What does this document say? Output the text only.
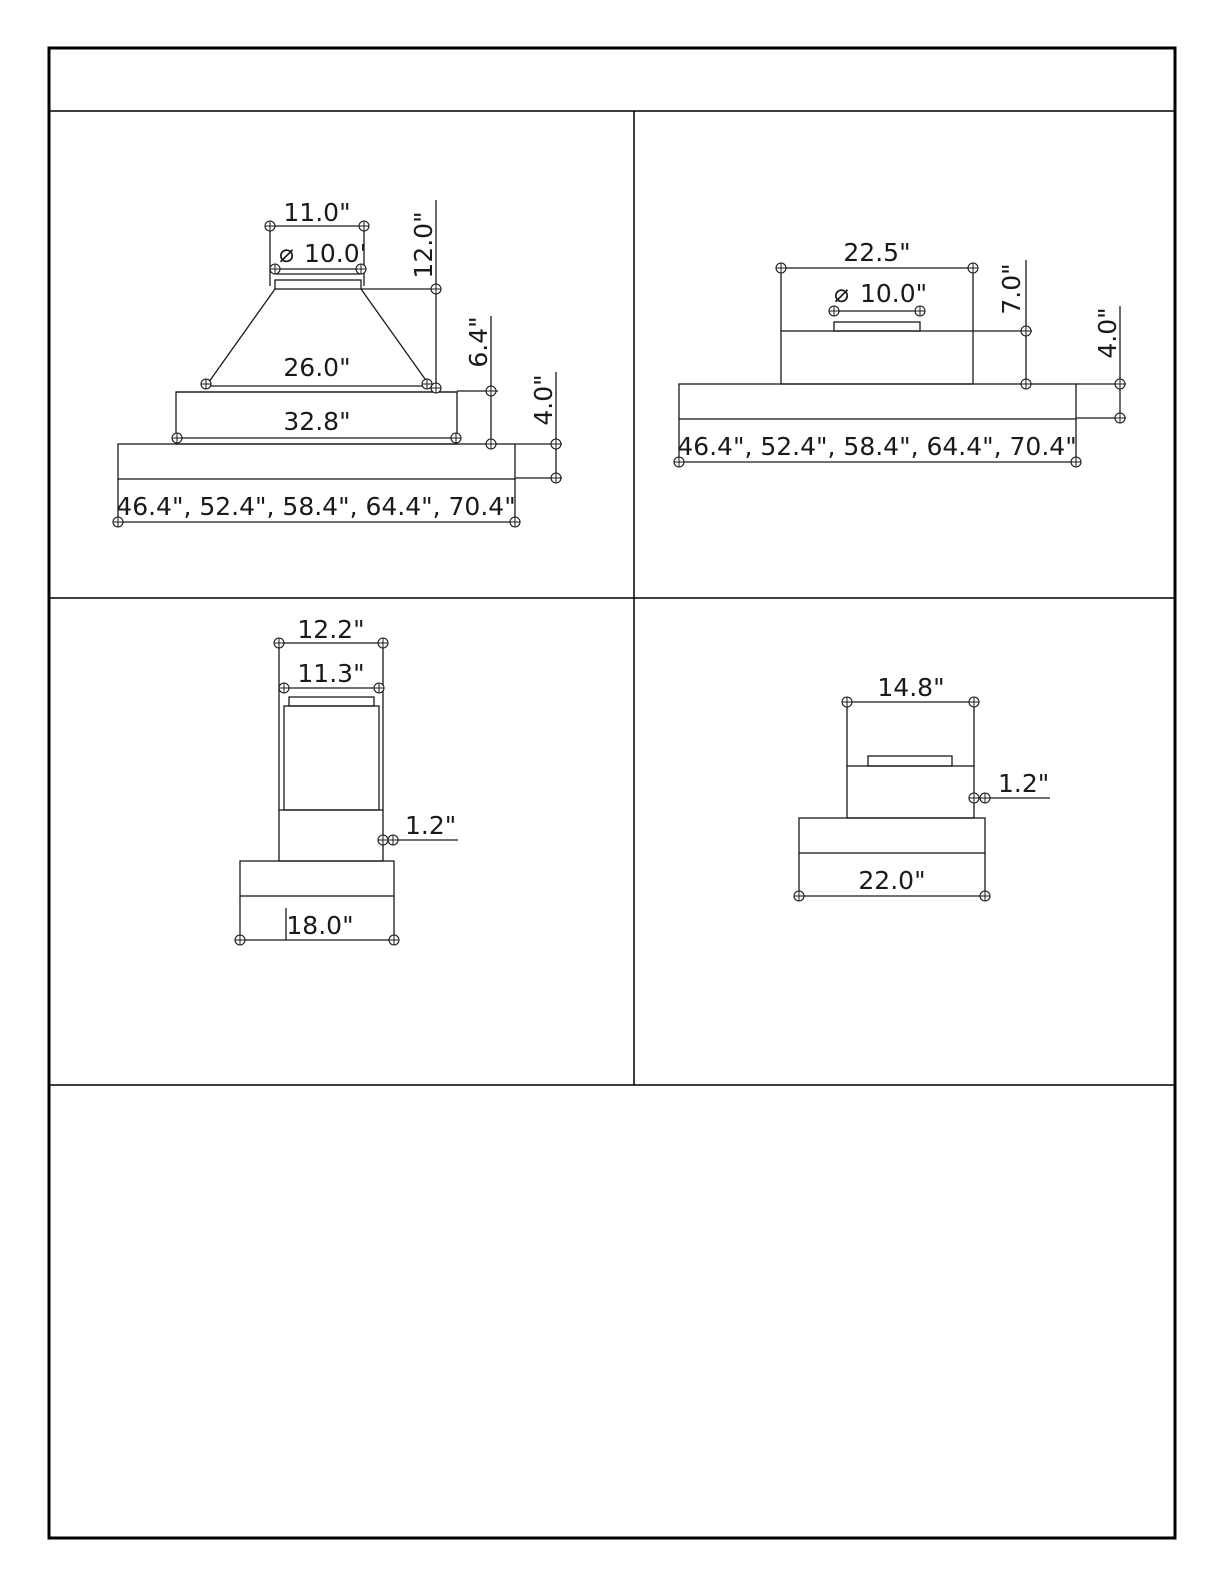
11.0"
⌀ 10.0' 12.0"
26.0"	6.4"
32.8"	4.0"
46.4", 52.4", 58.4", 64.4", 70.4"
22.5"
⌀ 10.0"	7.0"
4.0"
46.4", 52.4", 58.4", 64.4", 70.4"
12.2"
11.3"
1.2"
18.0"
14.8"
1.2"
22.0"
